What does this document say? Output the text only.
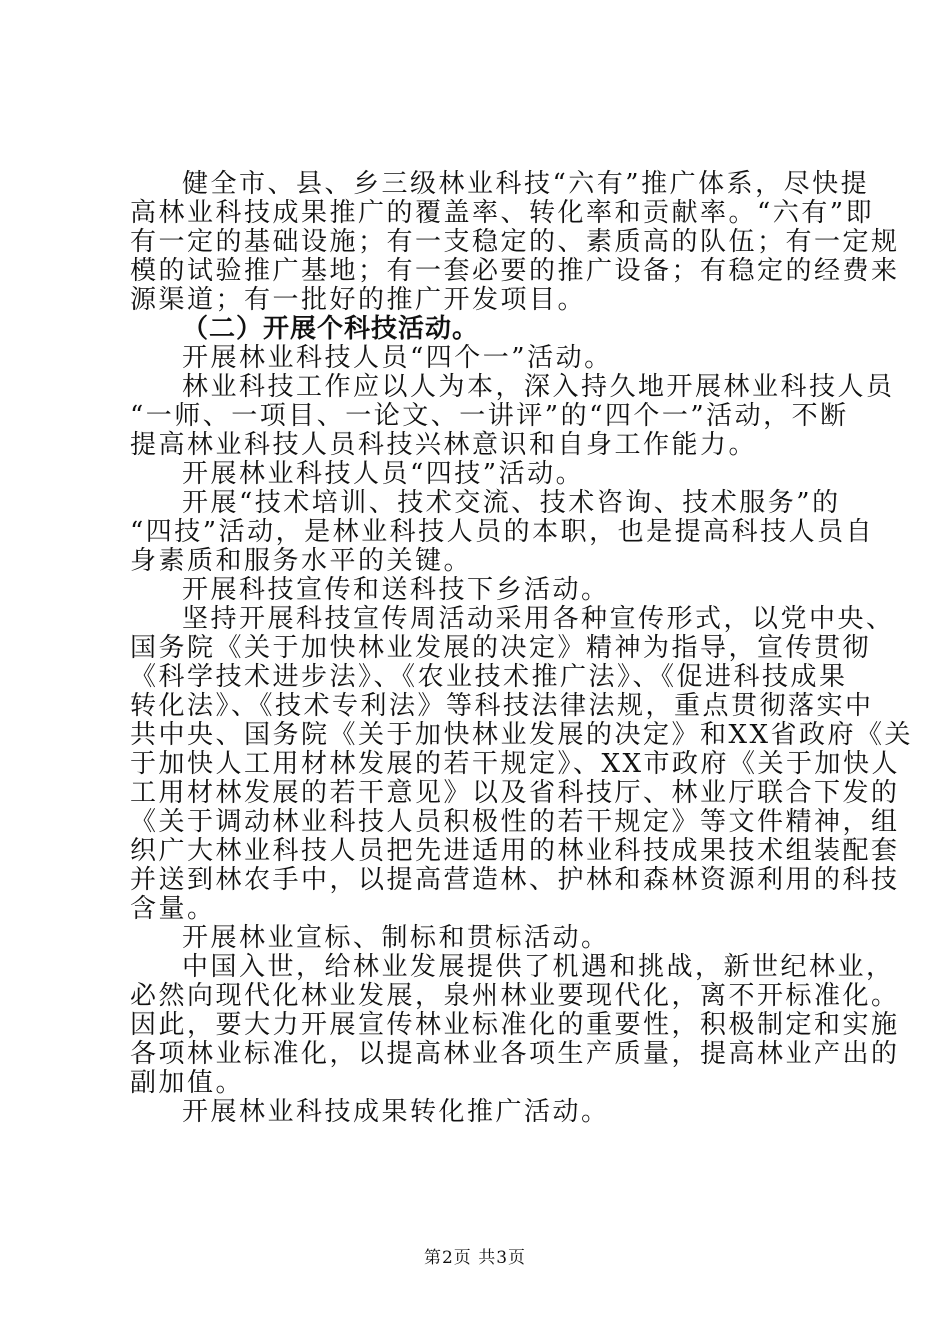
健全市、县、乡三级林业科技“六有”推广体系，尽快提
高林业科技成果推广的覆盖率、转化率和贡献率。“六有”即
有一定的基础设施；有一支稳定的、素质高的队伍；有一定规
模的试验推广基地；有一套必要的推广设备；有稳定的经费来
源渠道；有一批好的推广开发项目。
（二）开展个科技活动。
开展林业科技人员“四个一”活动。
林业科技工作应以人为本，深入持久地开展林业科技人员
“一师、一项目、一论文、一讲评”的“四个一”活动，不断
提高林业科技人员科技兴林意识和自身工作能力。
开展林业科技人员“四技”活动。
开展“技术培训、技术交流、技术咨询、技术服务”的
“四技”活动，是林业科技人员的本职，也是提高科技人员自
身素质和服务水平的关键。
开展科技宣传和送科技下乡活动。
坚持开展科技宣传周活动采用各种宣传形式，以党中央、
国务院《关于加快林业发展的决定》精神为指导，宣传贯彻
《科学技术进步法》、《农业技术推广法》、《促进科技成果
转化法》、《技术专利法》等科技法律法规，重点贯彻落实中
共中央、国务院《关于加快林业发展的决定》和XX省政府《关
于加快人工用材林发展的若干规定》、XX市政府《关于加快人
工用材林发展的若干意见》以及省科技厅、林业厅联合下发的
《关于调动林业科技人员积极性的若干规定》等文件精神，组
织广大林业科技人员把先进适用的林业科技成果技术组装配套
并送到林农手中，以提高营造林、护林和森林资源利用的科技
含量。
开展林业宣标、制标和贯标活动。
中国入世，给林业发展提供了机遇和挑战，新世纪林业，
必然向现代化林业发展，泉州林业要现代化，离不开标准化。
因此，要大力开展宣传林业标准化的重要性，积极制定和实施
各项林业标准化，以提高林业各项生产质量，提高林业产出的
副加值。
开展林业科技成果转化推广活动。
第2页 共3页
